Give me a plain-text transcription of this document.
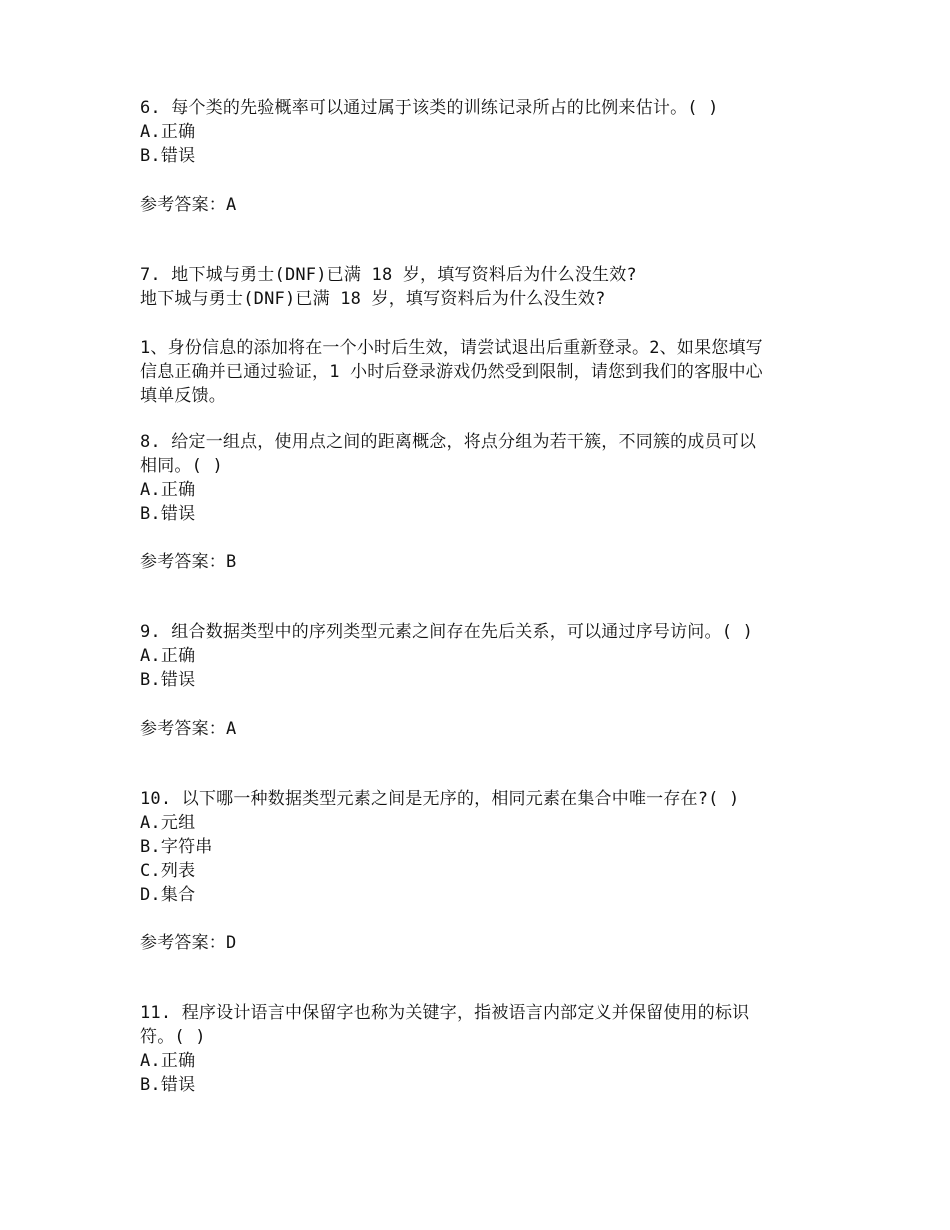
6. 每个类的先验概率可以通过属于该类的训练记录所占的比例来估计。( )
A.正确
B.错误
参考答案：A
7. 地下城与勇士(DNF)已满 18 岁，填写资料后为什么没生效?
地下城与勇士(DNF)已满 18 岁，填写资料后为什么没生效?
1、身份信息的添加将在一个小时后生效，请尝试退出后重新登录。2、如果您填写
信息正确并已通过验证，1 小时后登录游戏仍然受到限制，请您到我们的客服中心
填单反馈。
8. 给定一组点，使用点之间的距离概念，将点分组为若干簇，不同簇的成员可以
相同。( )
A.正确
B.错误
参考答案：B
9. 组合数据类型中的序列类型元素之间存在先后关系，可以通过序号访问。( )
A.正确
B.错误
参考答案：A
10. 以下哪一种数据类型元素之间是无序的，相同元素在集合中唯一存在?( )
A.元组
B.字符串
C.列表
D.集合
参考答案：D
11. 程序设计语言中保留字也称为关键字，指被语言内部定义并保留使用的标识
符。( )
A.正确
B.错误
